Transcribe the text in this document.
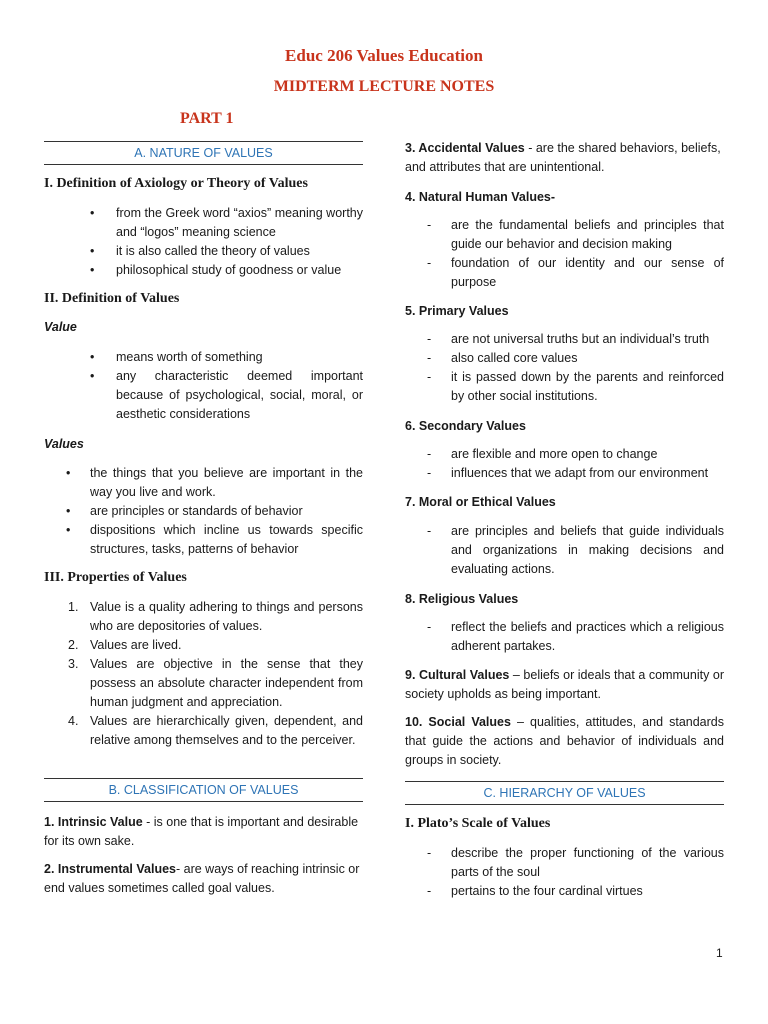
Educ 206 Values Education
MIDTERM LECTURE NOTES
PART 1
A. NATURE OF VALUES
I. Definition of Axiology or Theory of Values
• from the Greek word “axios” meaning worthy and “logos” meaning science
• it is also called the theory of values
• philosophical study of goodness or value
II. Definition of Values
Value
• means worth of something
• any characteristic deemed important because of psychological, social, moral, or aesthetic considerations
Values
• the things that you believe are important in the way you live and work.
• are principles or standards of behavior
• dispositions which incline us towards specific structures, tasks, patterns of behavior
III. Properties of Values
1. Value is a quality adhering to things and persons who are depositories of values.
2. Values are lived.
3. Values are objective in the sense that they possess an absolute character independent from human judgment and appreciation.
4. Values are hierarchically given, dependent, and relative among themselves and to the perceiver.
B. CLASSIFICATION OF VALUES
1. Intrinsic Value - is one that is important and desirable for its own sake.
2. Instrumental Values- are ways of reaching intrinsic or end values sometimes called goal values.
3. Accidental Values - are the shared behaviors, beliefs, and attributes that are unintentional.
4. Natural Human Values-
- are the fundamental beliefs and principles that guide our behavior and decision making
- foundation of our identity and our sense of purpose
5. Primary Values
- are not universal truths but an individual’s truth
- also called core values
- it is passed down by the parents and reinforced by other social institutions.
6. Secondary Values
- are flexible and more open to change
- influences that we adapt from our environment
7. Moral or Ethical Values
- are principles and beliefs that guide individuals and organizations in making decisions and evaluating actions.
8. Religious Values
- reflect the beliefs and practices which a religious adherent partakes.
9. Cultural Values – beliefs or ideals that a community or society upholds as being important.
10. Social Values – qualities, attitudes, and standards that guide the actions and behavior of individuals and groups in society.
C. HIERARCHY OF VALUES
I. Plato’s Scale of Values
- describe the proper functioning of the various parts of the soul
- pertains to the four cardinal virtues
1
